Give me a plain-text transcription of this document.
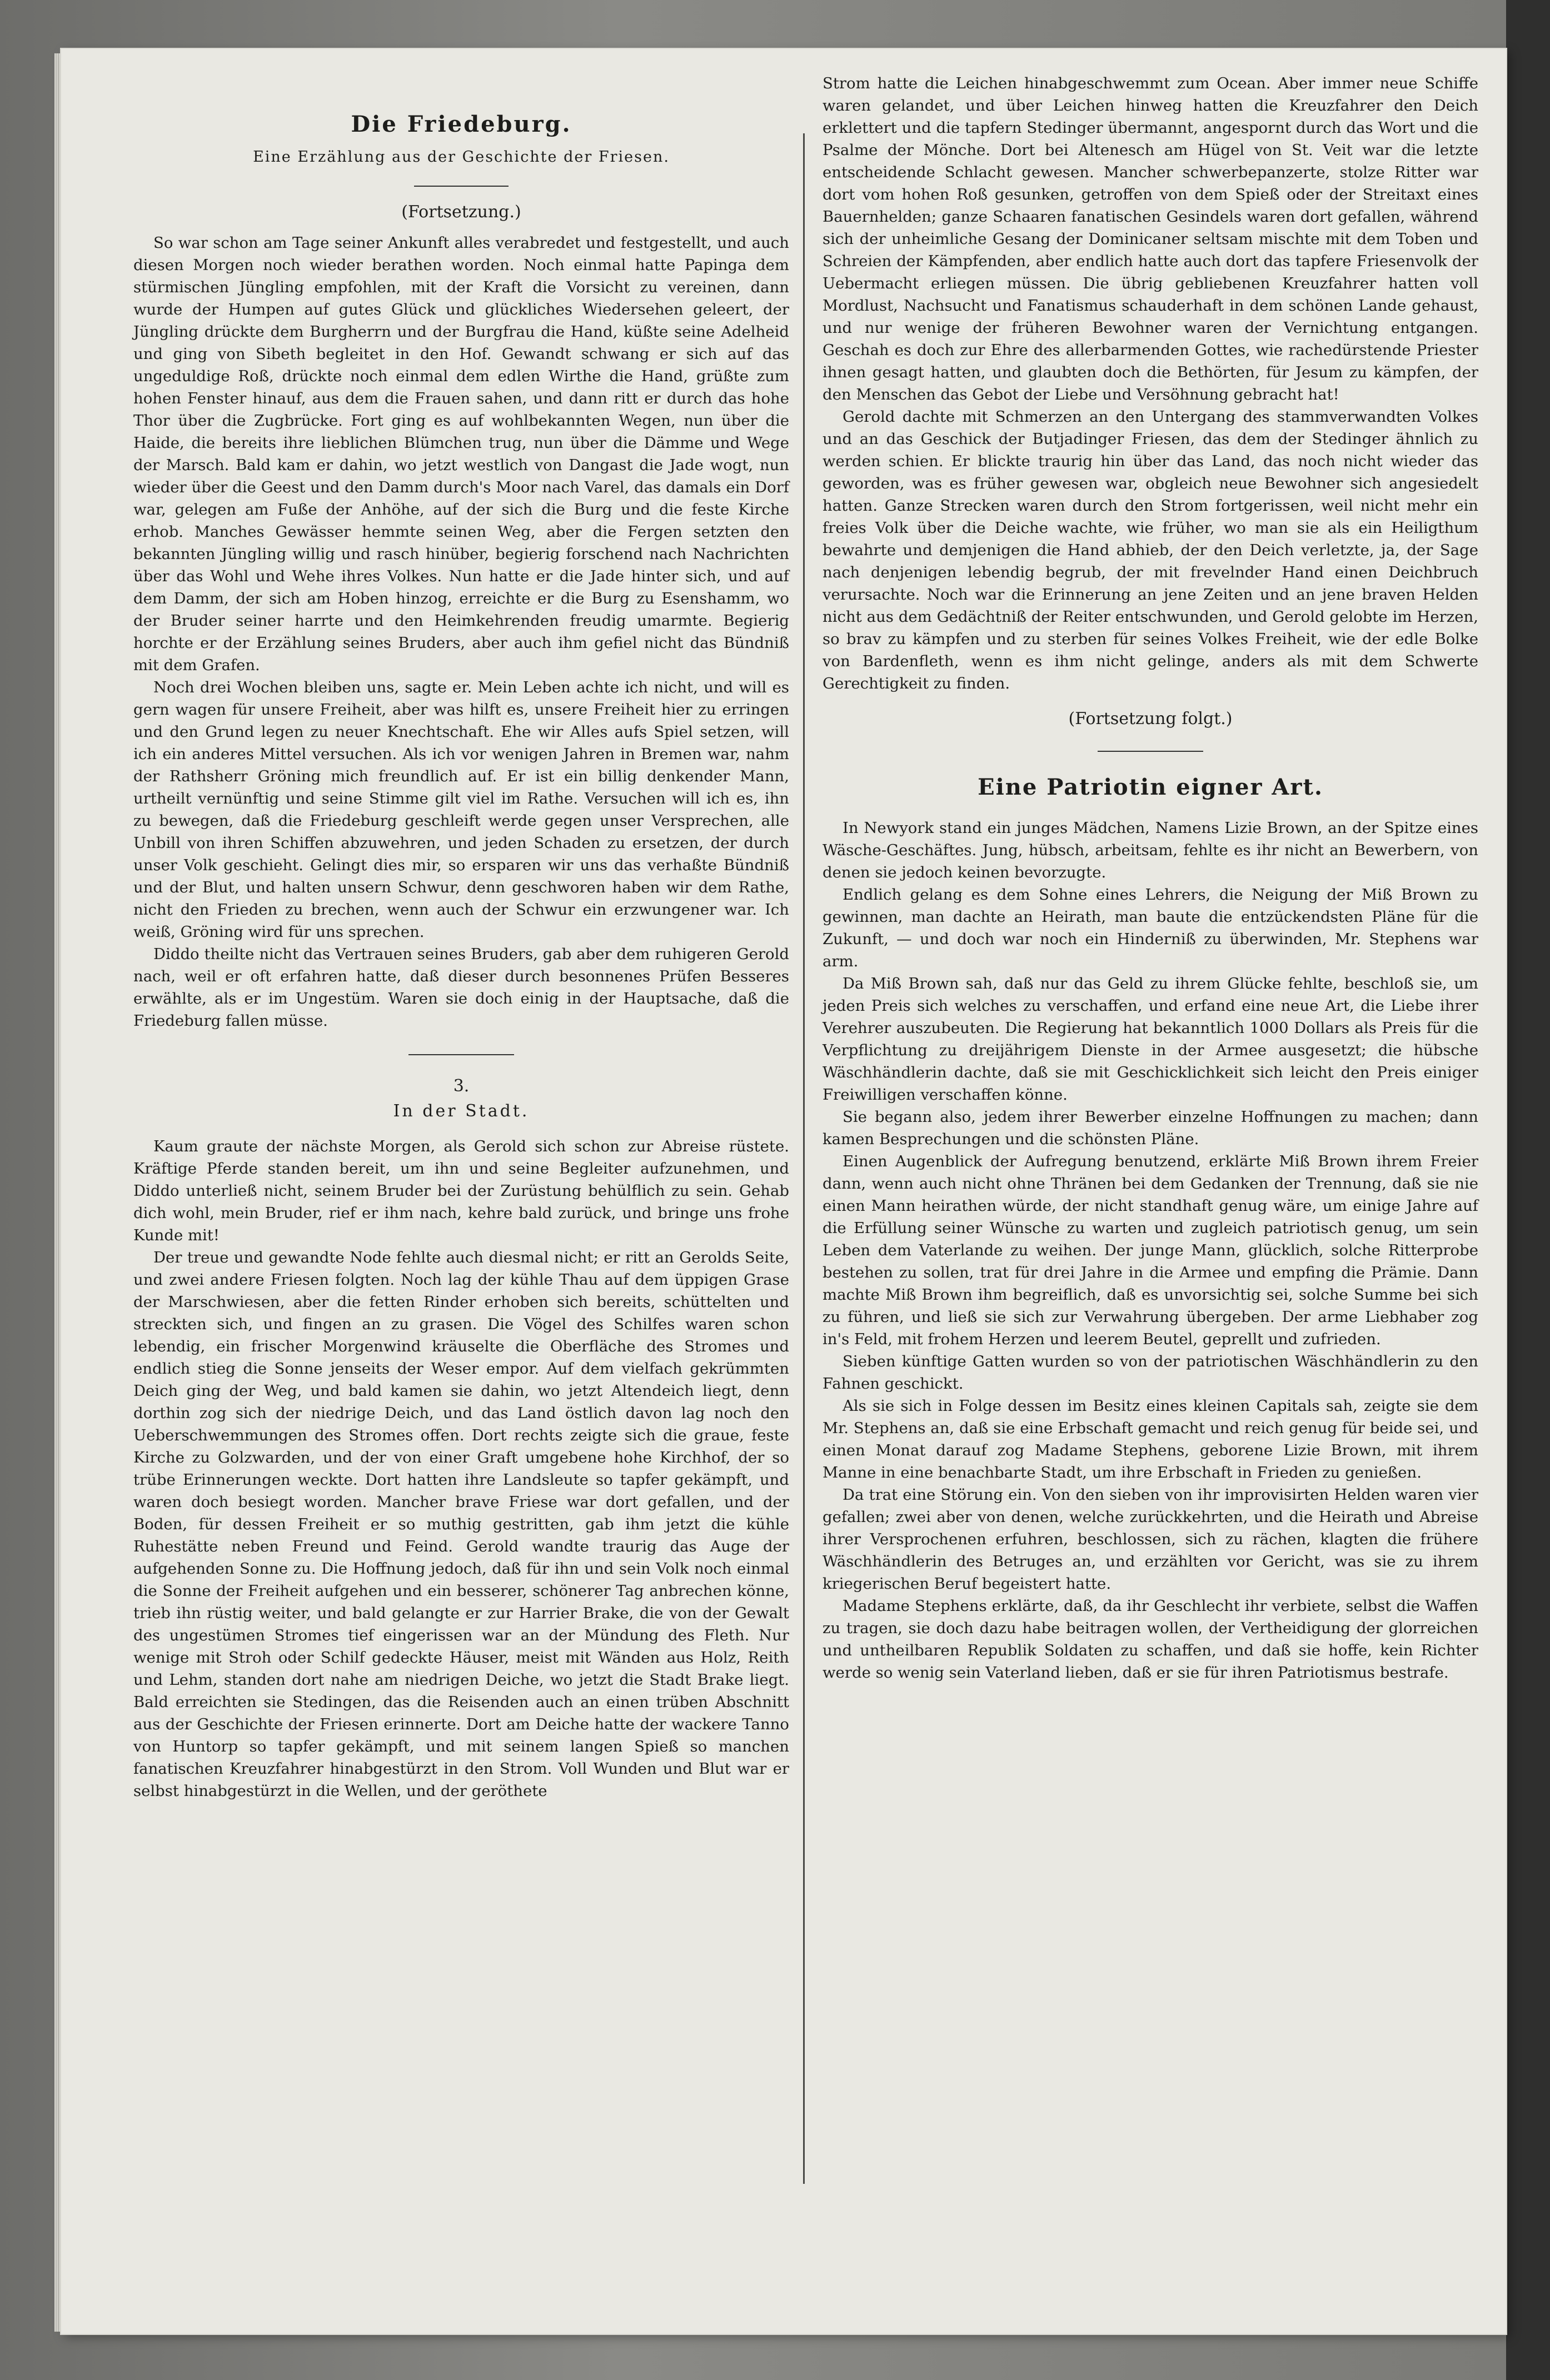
Die Friedeburg.
Eine Erzählung aus der Geschichte der Friesen.
(Fortsetzung.)

So war schon am Tage seiner Ankunft alles verabredet und festgestellt, und auch diesen Morgen noch wieder berathen worden. Noch einmal hatte Papinga dem stürmischen Jüngling empfohlen, mit der Kraft die Vorsicht zu vereinen, dann wurde der Humpen auf gutes Glück und glückliches Wiedersehen geleert, der Jüngling drückte dem Burgherrn und der Burgfrau die Hand, küßte seine Adelheid und ging von Sibeth begleitet in den Hof. Gewandt schwang er sich auf das ungeduldige Roß, drückte noch einmal dem edlen Wirthe die Hand, grüßte zum hohen Fenster hinauf, aus dem die Frauen sahen, und dann ritt er durch das hohe Thor über die Zugbrücke. Fort ging es auf wohlbekannten Wegen, nun über die Haide, die bereits ihre lieblichen Blümchen trug, nun über die Dämme und Wege der Marsch. Bald kam er dahin, wo jetzt westlich von Dangast die Jade wogt, nun wieder über die Geest und den Damm durch's Moor nach Varel, das damals ein Dorf war, gelegen am Fuße der Anhöhe, auf der sich die Burg und die feste Kirche erhob. Manches Gewässer hemmte seinen Weg, aber die Fergen setzten den bekannten Jüngling willig und rasch hinüber, begierig forschend nach Nachrichten über das Wohl und Wehe ihres Volkes. Nun hatte er die Jade hinter sich, und auf dem Damm, der sich am Hoben hinzog, erreichte er die Burg zu Esenshamm, wo der Bruder seiner harrte und den Heimkehrenden freudig umarmte. Begierig horchte er der Erzählung seines Bruders, aber auch ihm gefiel nicht das Bündniß mit dem Grafen.

Noch drei Wochen bleiben uns, sagte er. Mein Leben achte ich nicht, und will es gern wagen für unsere Freiheit, aber was hilft es, unsere Freiheit hier zu erringen und den Grund legen zu neuer Knechtschaft. Ehe wir Alles aufs Spiel setzen, will ich ein anderes Mittel versuchen. Als ich vor wenigen Jahren in Bremen war, nahm der Rathsherr Gröning mich freundlich auf. Er ist ein billig denkender Mann, urtheilt vernünftig und seine Stimme gilt viel im Rathe. Versuchen will ich es, ihn zu bewegen, daß die Friedeburg geschleift werde gegen unser Versprechen, alle Unbill von ihren Schiffen abzuwehren, und jeden Schaden zu ersetzen, der durch unser Volk geschieht. Gelingt dies mir, so ersparen wir uns das verhaßte Bündniß und der Blut, und halten unsern Schwur, denn geschworen haben wir dem Rathe, nicht den Frieden zu brechen, wenn auch der Schwur ein erzwungener war. Ich weiß, Gröning wird für uns sprechen.

Diddo theilte nicht das Vertrauen seines Bruders, gab aber dem ruhigeren Gerold nach, weil er oft erfahren hatte, daß dieser durch besonnenes Prüfen Besseres erwählte, als er im Ungestüm. Waren sie doch einig in der Hauptsache, daß die Friedeburg fallen müsse.

3.
In der Stadt.

Kaum graute der nächste Morgen, als Gerold sich schon zur Abreise rüstete. Kräftige Pferde standen bereit, um ihn und seine Begleiter aufzunehmen, und Diddo unterließ nicht, seinem Bruder bei der Zurüstung behülflich zu sein. Gehab dich wohl, mein Bruder, rief er ihm nach, kehre bald zurück, und bringe uns frohe Kunde mit!

Der treue und gewandte Node fehlte auch diesmal nicht; er ritt an Gerolds Seite, und zwei andere Friesen folgten. Noch lag der kühle Thau auf dem üppigen Grase der Marschwiesen, aber die fetten Rinder erhoben sich bereits, schüttelten und streckten sich, und fingen an zu grasen. Die Vögel des Schilfes waren schon lebendig, ein frischer Morgenwind kräuselte die Oberfläche des Stromes und endlich stieg die Sonne jenseits der Weser empor. Auf dem vielfach gekrümmten Deich ging der Weg, und bald kamen sie dahin, wo jetzt Altendeich liegt, denn dorthin zog sich der niedrige Deich, und das Land östlich davon lag noch den Ueberschwemmungen des Stromes offen. Dort rechts zeigte sich die graue, feste Kirche zu Golzwarden, und der von einer Graft umgebene hohe Kirchhof, der so trübe Erinnerungen weckte. Dort hatten ihre Landsleute so tapfer gekämpft, und waren doch besiegt worden. Mancher brave Friese war dort gefallen, und der Boden, für dessen Freiheit er so muthig gestritten, gab ihm jetzt die kühle Ruhestätte neben Freund und Feind. Gerold wandte traurig das Auge der aufgehenden Sonne zu. Die Hoffnung jedoch, daß für ihn und sein Volk noch einmal die Sonne der Freiheit aufgehen und ein besserer, schönerer Tag anbrechen könne, trieb ihn rüstig weiter, und bald gelangte er zur Harrier Brake, die von der Gewalt des ungestümen Stromes tief eingerissen war an der Mündung des Fleth. Nur wenige mit Stroh oder Schilf gedeckte Häuser, meist mit Wänden aus Holz, Reith und Lehm, standen dort nahe am niedrigen Deiche, wo jetzt die Stadt Brake liegt. Bald erreichten sie Stedingen, das die Reisenden auch an einen trüben Abschnitt aus der Geschichte der Friesen erinnerte. Dort am Deiche hatte der wackere Tanno von Huntorp so tapfer gekämpft, und mit seinem langen Spieß so manchen fanatischen Kreuzfahrer hinabgestürzt in den Strom. Voll Wunden und Blut war er selbst hinabgestürzt in die Wellen, und der geröthete

Strom hatte die Leichen hinabgeschwemmt zum Ocean. Aber immer neue Schiffe waren gelandet, und über Leichen hinweg hatten die Kreuzfahrer den Deich erklettert und die tapfern Stedinger übermannt, angespornt durch das Wort und die Psalme der Mönche. Dort bei Altenesch am Hügel von St. Veit war die letzte entscheidende Schlacht gewesen. Mancher schwerbepanzerte, stolze Ritter war dort vom hohen Roß gesunken, getroffen von dem Spieß oder der Streitaxt eines Bauernhelden; ganze Schaaren fanatischen Gesindels waren dort gefallen, während sich der unheimliche Gesang der Dominicaner seltsam mischte mit dem Toben und Schreien der Kämpfenden, aber endlich hatte auch dort das tapfere Friesenvolk der Uebermacht erliegen müssen. Die übrig gebliebenen Kreuzfahrer hatten voll Mordlust, Nachsucht und Fanatismus schauderhaft in dem schönen Lande gehaust, und nur wenige der früheren Bewohner waren der Vernichtung entgangen. Geschah es doch zur Ehre des allerbarmenden Gottes, wie rachedürstende Priester ihnen gesagt hatten, und glaubten doch die Bethörten, für Jesum zu kämpfen, der den Menschen das Gebot der Liebe und Versöhnung gebracht hat!

Gerold dachte mit Schmerzen an den Untergang des stammverwandten Volkes und an das Geschick der Butjadinger Friesen, das dem der Stedinger ähnlich zu werden schien. Er blickte traurig hin über das Land, das noch nicht wieder das geworden, was es früher gewesen war, obgleich neue Bewohner sich angesiedelt hatten. Ganze Strecken waren durch den Strom fortgerissen, weil nicht mehr ein freies Volk über die Deiche wachte, wie früher, wo man sie als ein Heiligthum bewahrte und demjenigen die Hand abhieb, der den Deich verletzte, ja, der Sage nach denjenigen lebendig begrub, der mit frevelnder Hand einen Deichbruch verursachte. Noch war die Erinnerung an jene Zeiten und an jene braven Helden nicht aus dem Gedächtniß der Reiter entschwunden, und Gerold gelobte im Herzen, so brav zu kämpfen und zu sterben für seines Volkes Freiheit, wie der edle Bolke von Bardenfleth, wenn es ihm nicht gelinge, anders als mit dem Schwerte Gerechtigkeit zu finden.

(Fortsetzung folgt.)
Eine Patriotin eigner Art.

In Newyork stand ein junges Mädchen, Namens Lizie Brown, an der Spitze eines Wäsche-Geschäftes. Jung, hübsch, arbeitsam, fehlte es ihr nicht an Bewerbern, von denen sie jedoch keinen bevorzugte.

Endlich gelang es dem Sohne eines Lehrers, die Neigung der Miß Brown zu gewinnen, man dachte an Heirath, man baute die entzückendsten Pläne für die Zukunft, — und doch war noch ein Hinderniß zu überwinden, Mr. Stephens war arm.

Da Miß Brown sah, daß nur das Geld zu ihrem Glücke fehlte, beschloß sie, um jeden Preis sich welches zu verschaffen, und erfand eine neue Art, die Liebe ihrer Verehrer auszubeuten. Die Regierung hat bekanntlich 1000 Dollars als Preis für die Verpflichtung zu dreijährigem Dienste in der Armee ausgesetzt; die hübsche Wäschhändlerin dachte, daß sie mit Geschicklichkeit sich leicht den Preis einiger Freiwilligen verschaffen könne.

Sie begann also, jedem ihrer Bewerber einzelne Hoffnungen zu machen; dann kamen Besprechungen und die schönsten Pläne.

Einen Augenblick der Aufregung benutzend, erklärte Miß Brown ihrem Freier dann, wenn auch nicht ohne Thränen bei dem Gedanken der Trennung, daß sie nie einen Mann heirathen würde, der nicht standhaft genug wäre, um einige Jahre auf die Erfüllung seiner Wünsche zu warten und zugleich patriotisch genug, um sein Leben dem Vaterlande zu weihen. Der junge Mann, glücklich, solche Ritterprobe bestehen zu sollen, trat für drei Jahre in die Armee und empfing die Prämie. Dann machte Miß Brown ihm begreiflich, daß es unvorsichtig sei, solche Summe bei sich zu führen, und ließ sie sich zur Verwahrung übergeben. Der arme Liebhaber zog in's Feld, mit frohem Herzen und leerem Beutel, geprellt und zufrieden.

Sieben künftige Gatten wurden so von der patriotischen Wäschhändlerin zu den Fahnen geschickt.

Als sie sich in Folge dessen im Besitz eines kleinen Capitals sah, zeigte sie dem Mr. Stephens an, daß sie eine Erbschaft gemacht und reich genug für beide sei, und einen Monat darauf zog Madame Stephens, geborene Lizie Brown, mit ihrem Manne in eine benachbarte Stadt, um ihre Erbschaft in Frieden zu genießen.

Da trat eine Störung ein. Von den sieben von ihr improvisirten Helden waren vier gefallen; zwei aber von denen, welche zurückkehrten, und die Heirath und Abreise ihrer Versprochenen erfuhren, beschlossen, sich zu rächen, klagten die frühere Wäschhändlerin des Betruges an, und erzählten vor Gericht, was sie zu ihrem kriegerischen Beruf begeistert hatte.

Madame Stephens erklärte, daß, da ihr Geschlecht ihr verbiete, selbst die Waffen zu tragen, sie doch dazu habe beitragen wollen, der Vertheidigung der glorreichen und untheilbaren Republik Soldaten zu schaffen, und daß sie hoffe, kein Richter werde so wenig sein Vaterland lieben, daß er sie für ihren Patriotismus bestrafe.
